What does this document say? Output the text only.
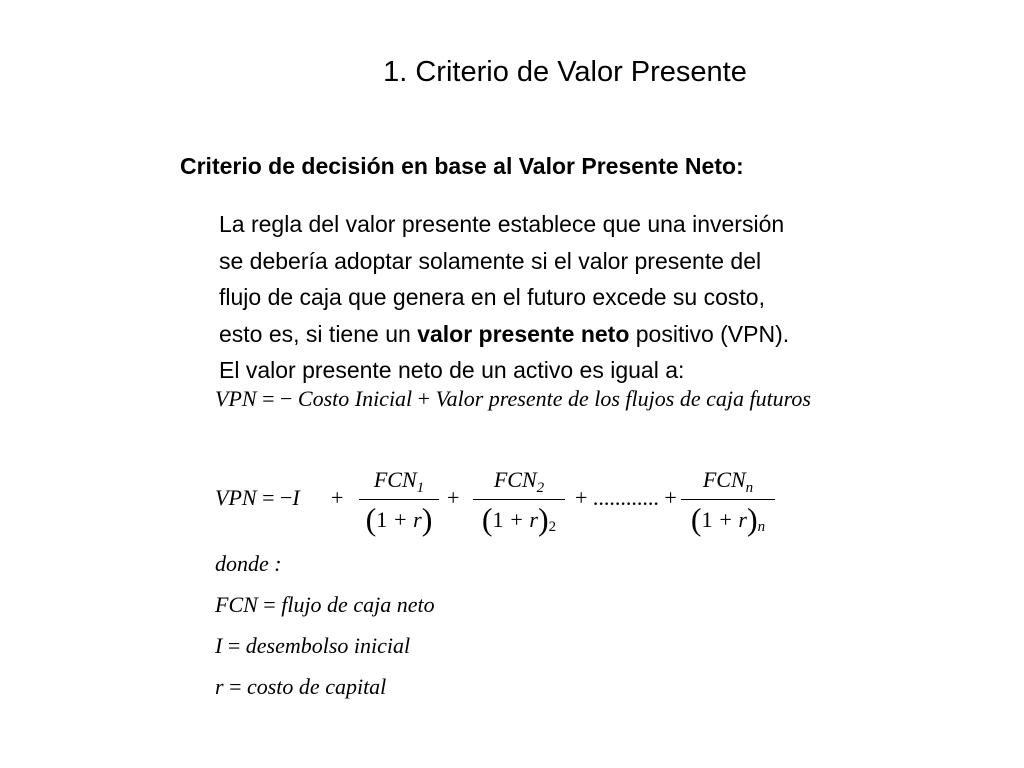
1. Criterio de Valor Presente
Criterio de decisión en base al Valor Presente Neto:
La regla del valor presente establece que una inversión
se debería adoptar solamente si el valor presente del
flujo de caja que genera en el futuro excede su costo,
esto es, si tiene un valor presente neto positivo (VPN).
El valor presente neto de un activo es igual a:
VPN = − Costo Inicial + Valor presente de los flujos de caja futuros
VPN = −I +
$FCN_1$
(1 + r)
+
$FCN_2$
(1 + r)2
+ ............ +
$FCN_n$
(1 + r)n
donde :
FCN = flujo de caja neto
I = desembolso inicial
r = costo de capital
